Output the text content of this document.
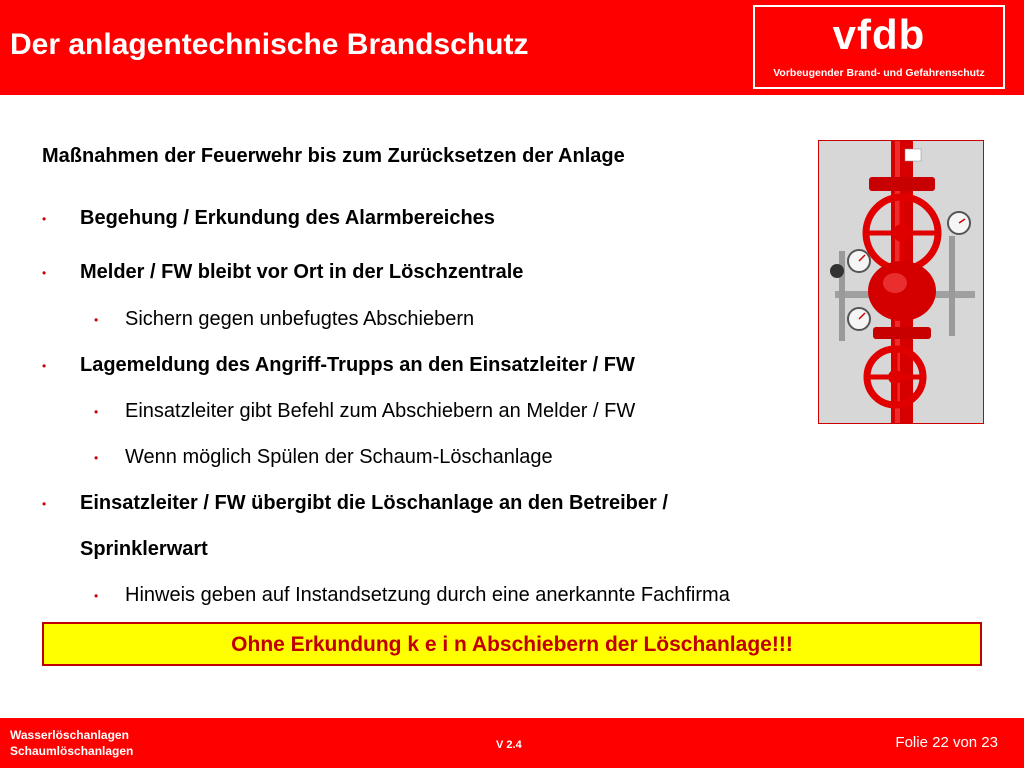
Der anlagentechnische Brandschutz	vfdb
Vorbeugender Brand- und Gefahrenschutz
Maßnahmen der Feuerwehr bis zum Zurücksetzen der Anlage
• Begehung / Erkundung des Alarmbereiches
• Melder / FW bleibt vor Ort in der Löschzentrale
• Sichern gegen unbefugtes Abschiebern
• Lagemeldung des Angriff-Trupps an den Einsatzleiter / FW
• Einsatzleiter gibt Befehl zum Abschiebern an Melder / FW
• Wenn möglich Spülen der Schaum-Löschanlage
• Einsatzleiter / FW übergibt die Löschanlage an den Betreiber /
Sprinklerwart
• Hinweis geben auf Instandsetzung durch eine anerkannte Fachfirma
Ohne Erkundung k e i n Abschiebern der Löschanlage!!!
Wasserlöschanlagen
Schaumlöschanlagen	V 2.4	Folie 22 von 23
